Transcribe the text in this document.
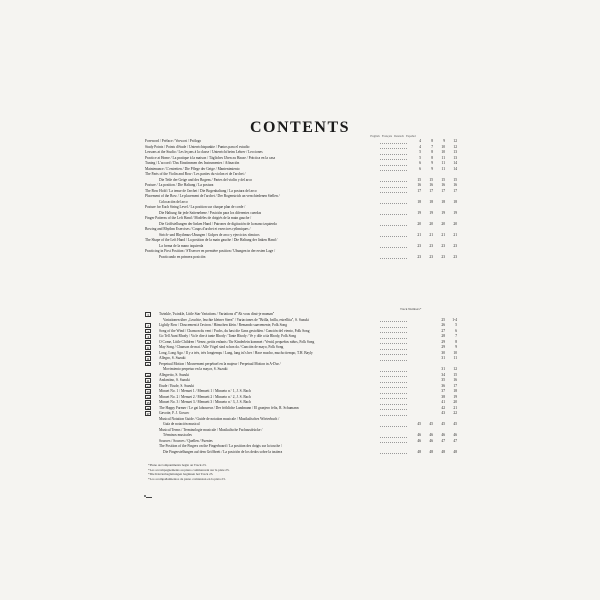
CONTENTS	English Français Deutsch Español
Foreword / Préface / Vorwort / Prólogo	4	8	9 12
Study Points / Points d'étude / Unterrichtspunkte / Puntos para el estudio	4	7 10 12
Lessons at the Studio / Les leçons à la classe / Unterricht beim Lehrer / Lecciones	5	8 10 13
Practice at Home / La pratique à la maison / Tägliches Üben zu Hause / Práctica en la casa	5	8 11 13
Tuning / L'accord / Das Einstimmen des Instrumentes / Afinación	6	9 11 14
Maintenance / L'entretien / Die Pflege der Geige / Mantenimiento	6	9 11 14
The Parts of the Violin and Bow / Les parties du violon et de l'archet /
Die Teile der Geige und des Bogens / Partes del violín y del arco	15 15 15 15
Posture / La position / Die Haltung / La postura	16 16 16 16
The Bow Hold / La tenue de l'archet / Die Bogenhaltung / La postura del arco	17 17 17 17
Placement of the Bow / Le placement de l'archet / Der Bogenstrich an verschiedenen Stellen /
Colocación del arco	18 18 18 18
Posture for Each String Level / La position sur chaque plan de corde /
Die Haltung für jede Saitenebene / Posición para los diferentes cuerdas	19 19 19 19
Finger Patterns of the Left Hand / Modèles de doigtés de la main gauche /
Die Griffstellungen der linken Hand / Patrones de digitación de la mano izquierda	20 20 20 20
Bowing and Rhythm Exercises / Coups d'archet et exercices rythmiques /
Strich- und Rhythmus-Übungen / Golpes de arco y ejercicios rítmicos	21 21 21 21
The Shape of the Left Hand / La position de la main gauche / Die Haltung der linken Hand /
La forma de la mano izquierda	23 23 23 23
Practicing in First Position / S'Exercer en première position / Übungen in der ersten Lage /
Practicando en primera posición	23 23 23 23
Track Numbers*
1	Twinkle, Twinkle, Little Star Variations / Variations d'"Ah vous dirai-je maman"
Variationen über „Leuchte, leuchte kleiner Stern" / Variaciones de "Brilla, brilla, estrellita", S. Suzuki	25 1-4
2	Lightly Row / Doucement à l'aviron / Hänschen klein / Remando suavemente, Folk Song	26	5
3	Song of the Wind / Chanson du vent / Fuchs, du hast die Gans gestohlen / Canción del viento, Folk Song	27	6
4	Go Tell Aunt Rhody / Va le dire à tante Rhody / Tante Rhody / Ve y dile a tía Rhody, Folk Song	28	7
5	O Come, Little Children / Venez, petits enfants / Ihr Kinderlein kommet / Venid, pequeños niños, Folk Song	29	8
6	May Song / Chanson de mai / Alle Vögel sind schon da / Canción de mayo, Folk Song	29	9
7	Long, Long Ago / Il y a très, très longtemps / Lang, lang ist's her / Hace mucho, mucho tiempo, T.H. Bayly	30 10
8	Allegro, S. Suzuki	31 11
9	Perpetual Motion / Mouvement perpétuel en la majeur / Perpetual Motion in A-Dur /
Movimiento perpetuo en la mayor, S. Suzuki	31 12
10	Allegretto, S. Suzuki	34 15
11	Andantino, S. Suzuki	35 16
12	Etude / Étude, S. Suzuki	36 17
13	Minuet No. 1 / Menuet 1 / Menuett 1 / Minueto n.º 1, J. S. Bach	37 18
14	Minuet No. 2 / Menuet 2 / Menuett 2 / Minueto n.º 2, J. S. Bach	38 19
15	Minuet No. 3 / Menuet 3 / Menuett 3 / Minueto n.º 3, J. S. Bach	41 20
16	The Happy Farmer / Le gai laboureur / Der fröhliche Landmann / El granjero feliz, R. Schumann	42 21
17	Gavotte, F. J. Gossec	43 22
Musical Notation Guide / Guide de notation musicale / Musikalisches Wörterbuch /
Guía de notación musical	45 45 45 45
Musical Terms / Terminologie musicale / Musikalische Fachausdrücke /
Términos musicales	46 46 46 46
Sources / Sources / Quellen / Fuentes	46 46 47 47
The Position of the Fingers on the Fingerboard / La position des doigts sur la touche /
Die Fingerstellungen auf dem Griffbrett / La posición de los dedos sobre la tastiera	48 48 48 48
*Piano Accompaniments begin on Track 23.
*Les accompagnements au piano commencent sur la piste 23.
*Die Klavierbegleitungen beginnen bei Track 23.
*Los acompañamientos de piano comienzan en la pista 23.
